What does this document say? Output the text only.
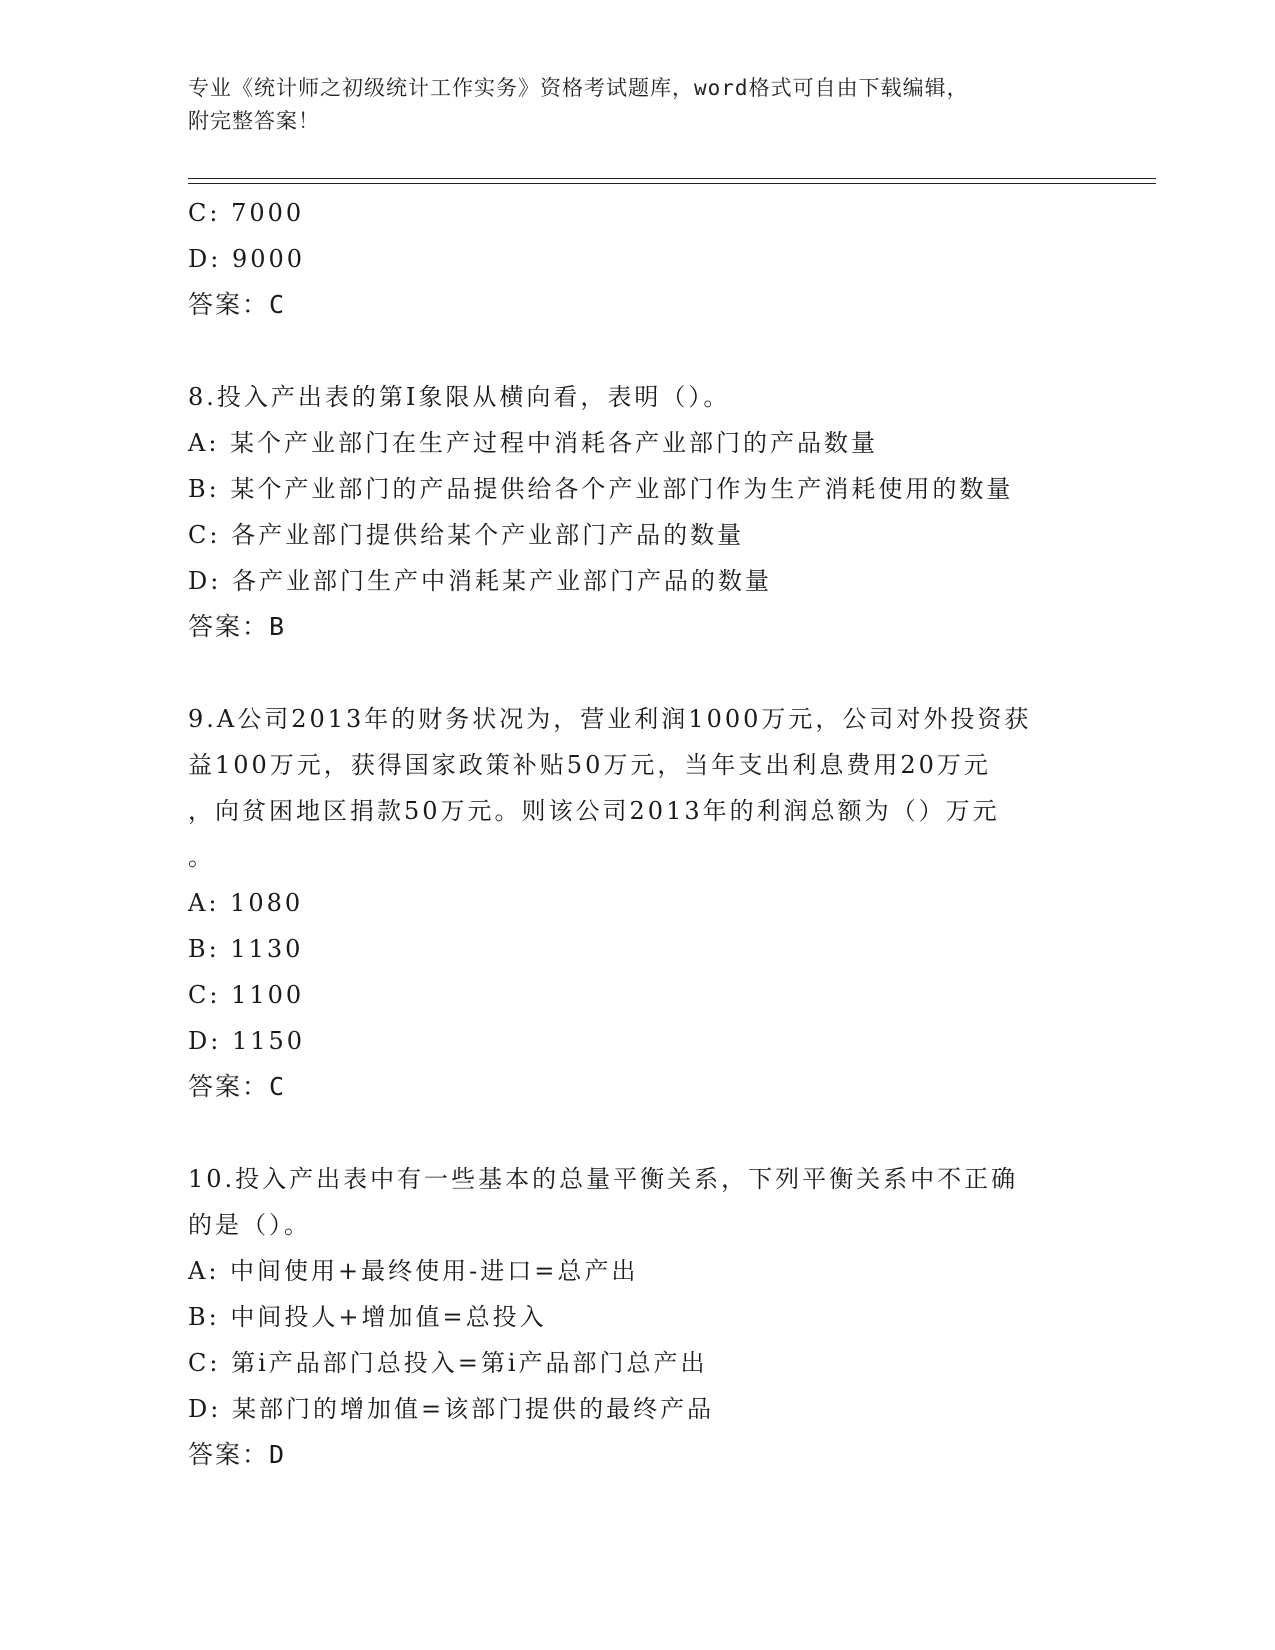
专业《统计师之初级统计工作实务》资格考试题库，word格式可自由下载编辑，
附完整答案！
C: 7000
D: 9000
答案：C
8.投入产出表的第Ⅰ象限从横向看，表明（）。
A: 某个产业部门在生产过程中消耗各产业部门的产品数量
B: 某个产业部门的产品提供给各个产业部门作为生产消耗使用的数量
C: 各产业部门提供给某个产业部门产品的数量
D: 各产业部门生产中消耗某产业部门产品的数量
答案：B
9.A公司2013年的财务状况为，营业利润1000万元，公司对外投资获
益100万元，获得国家政策补贴50万元，当年支出利息费用20万元
，向贫困地区捐款50万元。则该公司2013年的利润总额为（）万元
。
A: 1080
B: 1130
C: 1100
D: 1150
答案：C
10.投入产出表中有一些基本的总量平衡关系，下列平衡关系中不正确
的是（）。
A: 中间使用+最终使用-进口=总产出
B: 中间投人+增加值=总投入
C: 第i产品部门总投入=第i产品部门总产出
D: 某部门的增加值=该部门提供的最终产品
答案：D
